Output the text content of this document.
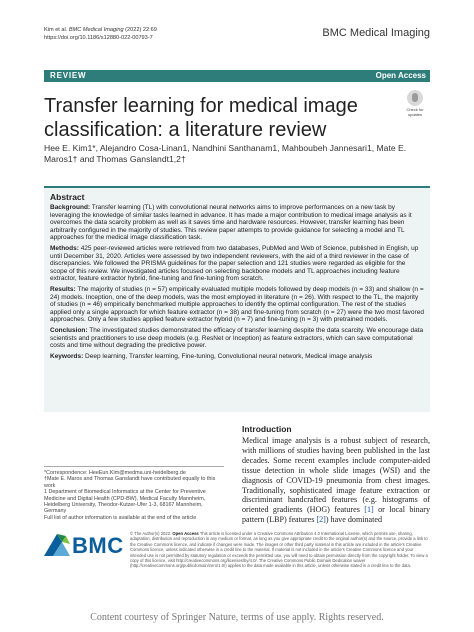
Kim et al. BMC Medical Imaging (2022) 22:69
https://doi.org/10.1186/s12880-022-00793-7	BMC Medical Imaging
REVIEW	Open Access
Check for updates
Transfer learning for medical image classification: a literature review
Hee E. Kim1*, Alejandro Cosa-Linan1, Nandhini Santhanam1, Mahboubeh Jannesari1, Mate E. Maros1† and Thomas Ganslandt1,2†
Abstract

Background: Transfer learning (TL) with convolutional neural networks aims to improve performances on a new task by leveraging the knowledge of similar tasks learned in advance. It has made a major contribution to medical image analysis as it overcomes the data scarcity problem as well as it saves time and hardware resources. However, transfer learning has been arbitrarily configured in the majority of studies. This review paper attempts to provide guidance for selecting a model and TL approaches for the medical image classification task.

Methods: 425 peer-reviewed articles were retrieved from two databases, PubMed and Web of Science, published in English, up until December 31, 2020. Articles were assessed by two independent reviewers, with the aid of a third reviewer in the case of discrepancies. We followed the PRISMA guidelines for the paper selection and 121 studies were regarded as eligible for the scope of this review. We investigated articles focused on selecting backbone models and TL approaches including feature extractor, feature extractor hybrid, fine-tuning and fine-tuning from scratch.

Results: The majority of studies (n = 57) empirically evaluated multiple models followed by deep models (n = 33) and shallow (n = 24) models. Inception, one of the deep models, was the most employed in literature (n = 26). With respect to the TL, the majority of studies (n = 46) empirically benchmarked multiple approaches to identify the optimal configuration. The rest of the studies applied only a single approach for which feature extractor (n = 38) and fine-tuning from scratch (n = 27) were the two most favored approaches. Only a few studies applied feature extractor hybrid (n = 7) and fine-tuning (n = 3) with pretrained models.

Conclusion: The investigated studies demonstrated the efficacy of transfer learning despite the data scarcity. We encourage data scientists and practitioners to use deep models (e.g. ResNet or Inception) as feature extractors, which can save computational costs and time without degrading the predictive power.

Keywords: Deep learning, Transfer learning, Fine-tuning, Convolutional neural network, Medical image analysis

*Correspondence: HeeEun.Kim@medma.uni-heidelberg.de
†Mate E. Maros and Thomas Ganslandt have contributed equally to this work
1 Department of Biomedical Informatics at the Center for Preventive Medicine and Digital Health (CPD-BW), Medical Faculty Mannheim, Heidelberg University, Theodor-Kutzer-Ufer 1-3, 68167 Mannheim, Germany
Full list of author information is available at the end of the article
Introduction
Medical image analysis is a robust subject of research, with millions of studies having been published in the last decades. Some recent examples include computer-aided tissue detection in whole slide images (WSI) and the diagnosis of COVID-19 pneumonia from chest images. Traditionally, sophisticated image feature extraction or discriminant handcrafted features (e.g. histograms of oriented gradients (HOG) features [1] or local binary pattern (LBP) features [2]) have dominated
BMC © The Author(s) 2022. Open Access This article is licensed under a Creative Commons Attribution 4.0 International License, which permits use, sharing, adaptation, distribution and reproduction in any medium or format, as long as you give appropriate credit to the original author(s) and the source, provide a link to the Creative Commons licence, and indicate if changes were made. The images or other third party material in this article are included in the article's Creative Commons licence, unless indicated otherwise in a credit line to the material. If material is not included in the article's Creative Commons licence and your intended use is not permitted by statutory regulation or exceeds the permitted use, you will need to obtain permission directly from the copyright holder. To view a copy of this licence, visit http://creativecommons.org/licenses/by/4.0/. The Creative Commons Public Domain Dedication waiver (http://creativecommons.org/publicdomain/zero/1.0/) applies to the data made available in this article, unless otherwise stated in a credit line to the data.
Content courtesy of Springer Nature, terms of use apply. Rights reserved.
